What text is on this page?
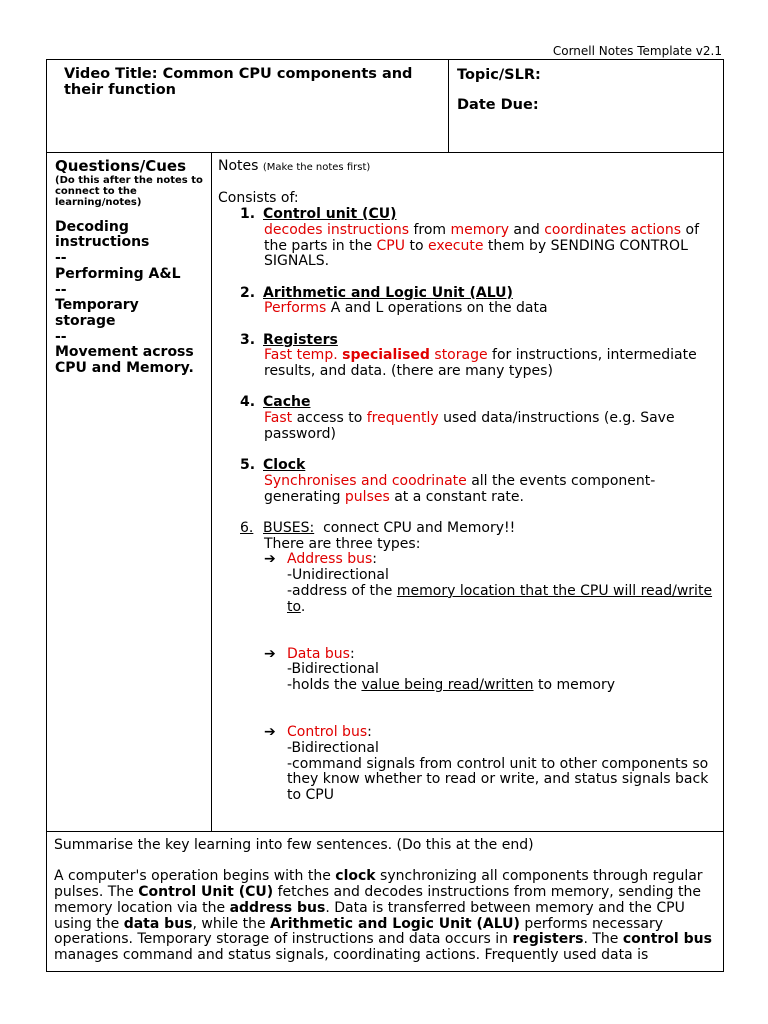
Cornell Notes Template v2.1
Video Title: Common CPU components and their function
Topic/SLR:
Date Due:
Questions/Cues
(Do this after the notes to connect to the learning/notes)
Decoding instructions
--
Performing A&L
--
Temporary storage
--
Movement across CPU and Memory.
Notes (Make the notes first)
Consists of:
1. Control unit (CU)
decodes instructions from memory and coordinates actions of the parts in the CPU to execute them by SENDING CONTROL SIGNALS.
2. Arithmetic and Logic Unit (ALU)
Performs A and L operations on the data
3. Registers
Fast temp. specialised storage for instructions, intermediate results, and data. (there are many types)
4. Cache
Fast access to frequently used data/instructions (e.g. Save password)
5. Clock
Synchronises and coodrinate all the events component-generating pulses at a constant rate.
6. BUSES:  connect CPU and Memory!!
There are three types:
➔ Address bus:
-Unidirectional
-address of the memory location that the CPU will read/write to.
➔ Data bus:
-Bidirectional
-holds the value being read/written to memory
➔ Control bus:
-Bidirectional
-command signals from control unit to other components so they know whether to read or write, and status signals back to CPU
Summarise the key learning into few sentences. (Do this at the end)
A computer's operation begins with the clock synchronizing all components through regular pulses. The Control Unit (CU) fetches and decodes instructions from memory, sending the memory location via the address bus. Data is transferred between memory and the CPU using the data bus, while the Arithmetic and Logic Unit (ALU) performs necessary operations. Temporary storage of instructions and data occurs in registers. The control bus manages command and status signals, coordinating actions. Frequently used data is
